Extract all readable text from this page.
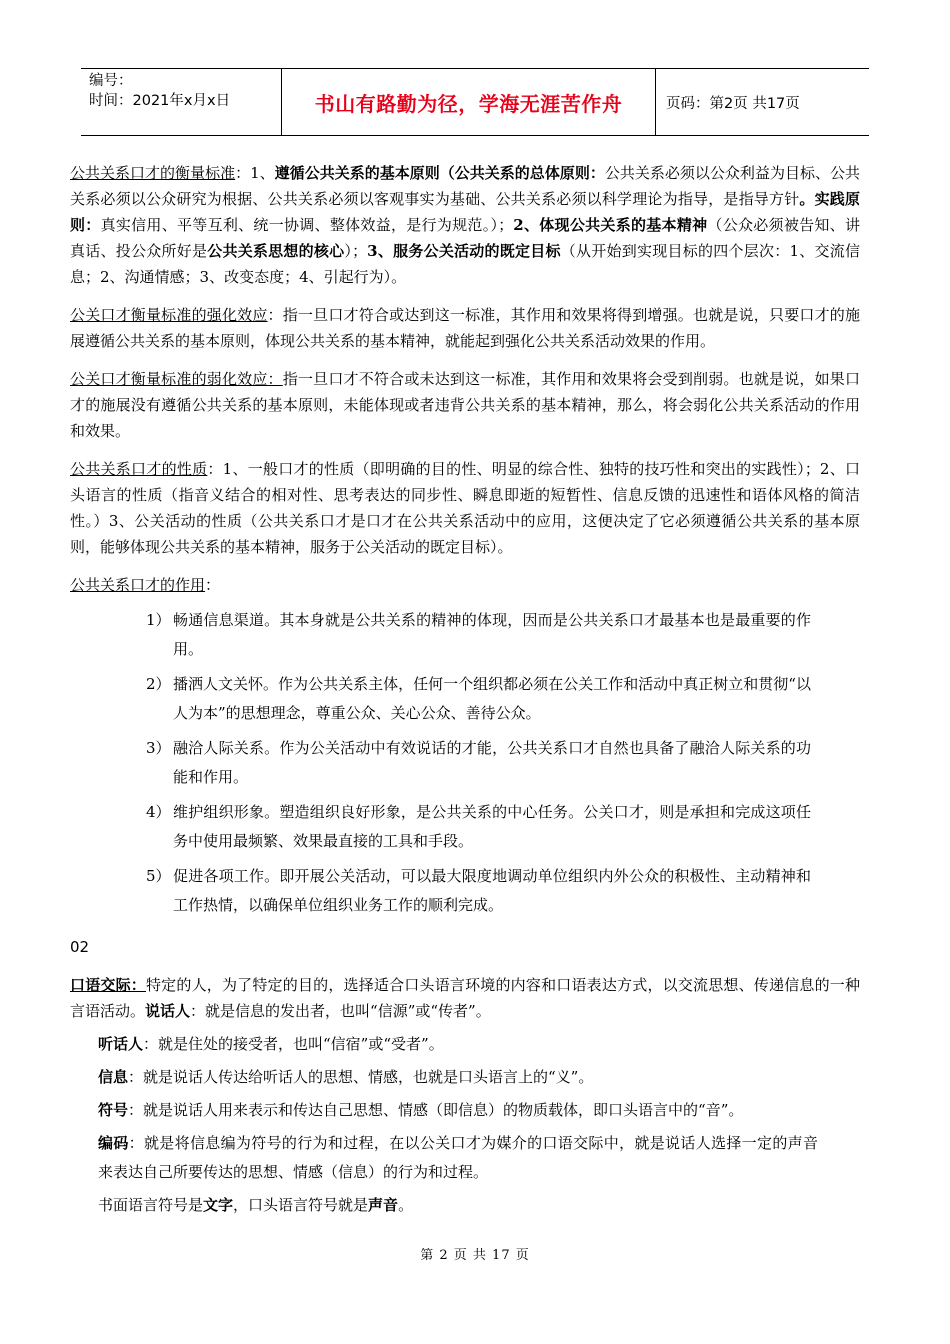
编号：
时间：2021年x月x日	书山有路勤为径，学海无涯苦作舟	页码：第2页 共17页

公共关系口才的衡量标准：1、遵循公共关系的基本原则（公共关系的总体原则：公共关系必须以公众利益为目标、公共关系必须以公众研究为根据、公共关系必须以客观事实为基础、公共关系必须以科学理论为指导，是指导方针。实践原则：真实信用、平等互利、统一协调、整体效益，是行为规范。）；2、体现公共关系的基本精神（公众必须被告知、讲真话、投公众所好是公共关系思想的核心）；3、服务公关活动的既定目标（从开始到实现目标的四个层次：1、交流信息；2、沟通情感；3、改变态度；4、引起行为）。

公关口才衡量标准的强化效应：指一旦口才符合或达到这一标准，其作用和效果将得到增强。也就是说，只要口才的施展遵循公共关系的基本原则，体现公共关系的基本精神，就能起到强化公共关系活动效果的作用。

公关口才衡量标准的弱化效应：指一旦口才不符合或未达到这一标准，其作用和效果将会受到削弱。也就是说，如果口才的施展没有遵循公共关系的基本原则，未能体现或者违背公共关系的基本精神，那么，将会弱化公共关系活动的作用和效果。

公共关系口才的性质：1、一般口才的性质（即明确的目的性、明显的综合性、独特的技巧性和突出的实践性）；2、口头语言的性质（指音义结合的相对性、思考表达的同步性、瞬息即逝的短暂性、信息反馈的迅速性和语体风格的简洁性。）3、公关活动的性质（公共关系口才是口才在公共关系活动中的应用，这便决定了它必须遵循公共关系的基本原则，能够体现公共关系的基本精神，服务于公关活动的既定目标）。

公共关系口才的作用：

1） 畅通信息渠道。其本身就是公共关系的精神的体现，因而是公共关系口才最基本也是最重要的作用。
2） 播洒人文关怀。作为公共关系主体，任何一个组织都必须在公关工作和活动中真正树立和贯彻“以人为本”的思想理念，尊重公众、关心公众、善待公众。
3） 融洽人际关系。作为公关活动中有效说话的才能，公共关系口才自然也具备了融洽人际关系的功能和作用。
4） 维护组织形象。塑造组织良好形象，是公共关系的中心任务。公关口才，则是承担和完成这项任务中使用最频繁、效果最直接的工具和手段。
5） 促进各项工作。即开展公关活动，可以最大限度地调动单位组织内外公众的积极性、主动精神和工作热情，以确保单位组织业务工作的顺利完成。
02

口语交际：特定的人，为了特定的目的，选择适合口头语言环境的内容和口语表达方式，以交流思想、传递信息的一种言语活动。说话人：就是信息的发出者，也叫“信源”或“传者”。

听话人：就是住处的接受者，也叫“信宿”或“受者”。
信息：就是说话人传达给听话人的思想、情感，也就是口头语言上的“义”。
符号：就是说话人用来表示和传达自己思想、情感（即信息）的物质载体，即口头语言中的“音”。
编码：就是将信息编为符号的行为和过程，在以公关口才为媒介的口语交际中，就是说话人选择一定的声音来表达自己所要传达的思想、情感（信息）的行为和过程。
书面语言符号是文字，口头语言符号就是声音。
第 2 页 共 17 页
